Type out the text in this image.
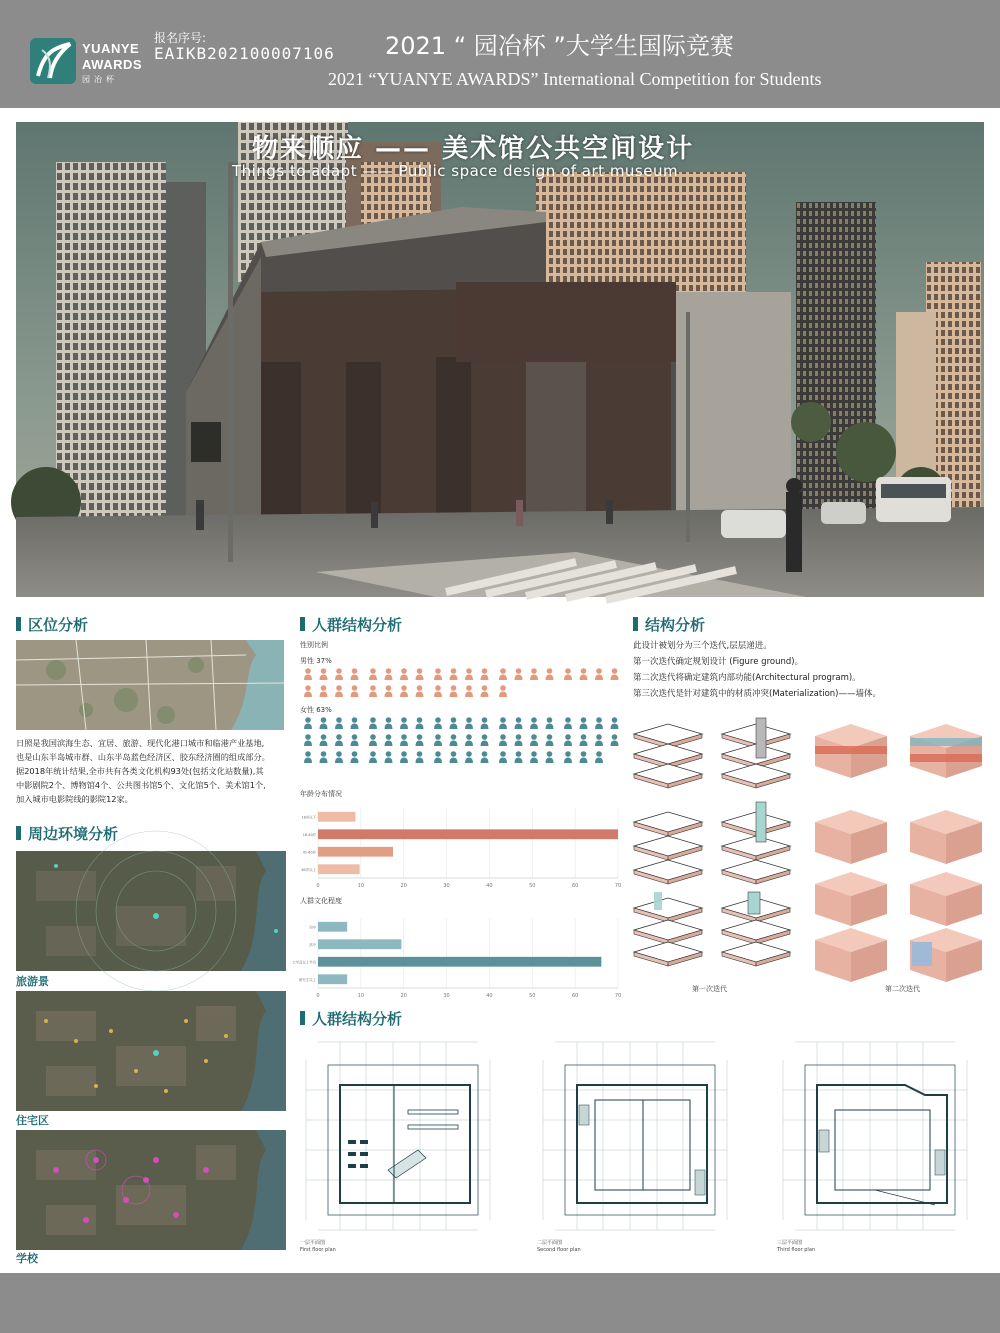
YUANYE
AWARDS
园冶杯
报名序号:
EAIKB202100007106 2021 “ 园冶杯 ”大学生国际竞赛
2021 “YUANYE AWARDS” International Competition for Students
物来顺应 —— 美术馆公共空间设计
Things to adapt —— Public space design of art museum
区位分析
日照是我国滨海生态、宜居、旅游、现代化港口城市和临港产业基地,
也是山东半岛城市群、山东半岛蓝色经济区、胶东经济圈的组成部分。
据2018年统计结果,全市共有各类文化机构93处(包括文化站数量),其
中影剧院2个、博物馆4个、公共图书馆5个、文化馆5个、美术馆1个,
加入城市电影院线的影院12家。
周边环境分析
旅游景
住宅区
学校
人群结构分析
性别比例
男性 37%
女性 63%
年龄分布情况
0	10	20	30	40	50	60	70
18岁以下
18-40岁
41-60岁
60岁以上
人群文化程度
0	10	20	30	40	50	60	70
初中
高中
大学及以上学历
研究生以上
结构分析

此设计被划分为三个迭代,层层递进。

第一次迭代确定规划设计 (Figure ground)。

第二次迭代将确定建筑内部功能(Architectural program)。

第三次迭代是针对建筑中的材质冲突(Materialization)——墙体。

第一次迭代	第二次迭代
人群结构分析
一层平面图
First floor plan
二层平面图
Second floor plan
三层平面图
Third floor plan
